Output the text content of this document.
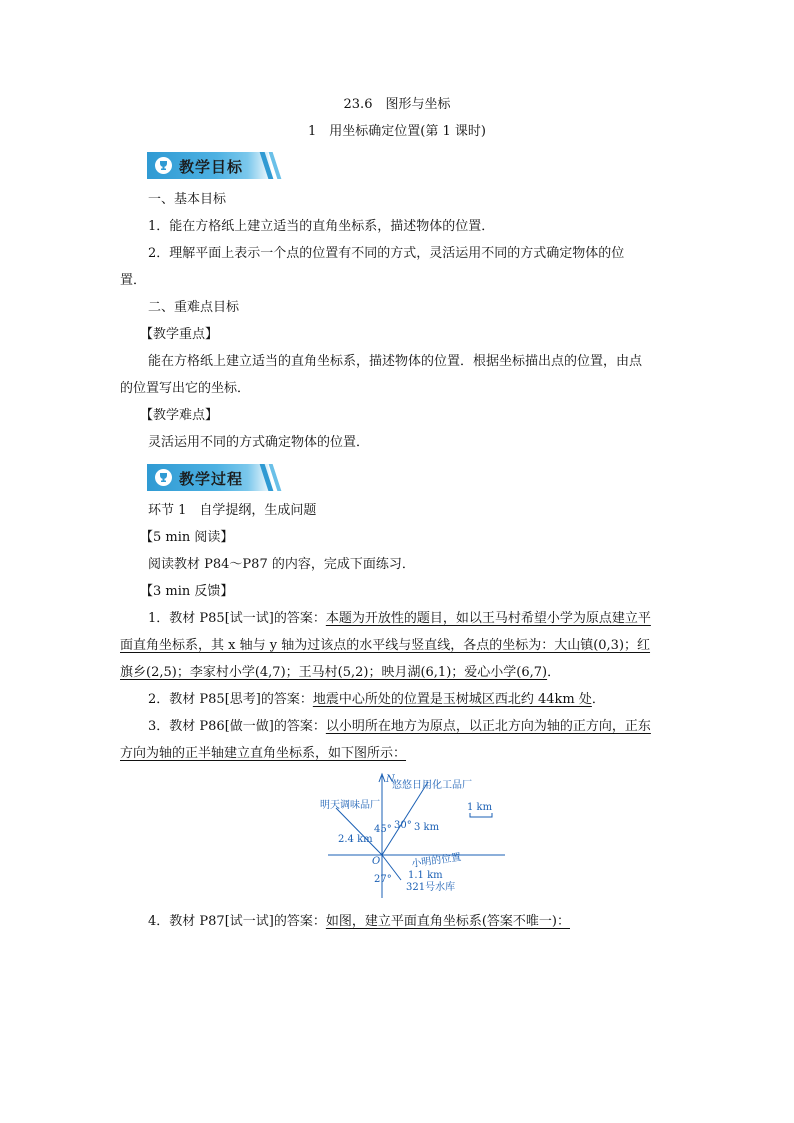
23.6　图形与坐标
1　用坐标确定位置(第 1 课时)
教学目标
一、基本目标
1．能在方格纸上建立适当的直角坐标系，描述物体的位置．
2．理解平面上表示一个点的位置有不同的方式，灵活运用不同的方式确定物体的位
置．
二、重难点目标
【教学重点】
能在方格纸上建立适当的直角坐标系，描述物体的位置．根据坐标描出点的位置，由点
的位置写出它的坐标．
【教学难点】
灵活运用不同的方式确定物体的位置．
教学过程
环节 1　自学提纲，生成问题
【5 min 阅读】
阅读教材 P84～P87 的内容，完成下面练习．
【3 min 反馈】
1．教材 P85[试一试]的答案：本题为开放性的题目，如以王马村希望小学为原点建立平
面直角坐标系，其 x 轴与 y 轴为过该点的水平线与竖直线，各点的坐标为：大山镇(0,3)；红
旗乡(2,5)；李家村小学(4,7)；王马村(5,2)；映月湖(6,1)；爱心小学(6,7)．
2．教材 P85[思考]的答案：地震中心所处的位置是玉树城区西北约 44km 处．
3．教材 P86[做一做]的答案：以小明所在地方为原点，以正北方向为轴的正方向，正东
方向为轴的正半轴建立直角坐标系，如下图所示：
N
悠悠日用化工品厂
明天调味品厂	1 km
45° 30° 3 km
2.4 km
O	小明的位置
27° 1.1 km
321号水库
4．教材 P87[试一试]的答案：如图，建立平面直角坐标系(答案不唯一)：
